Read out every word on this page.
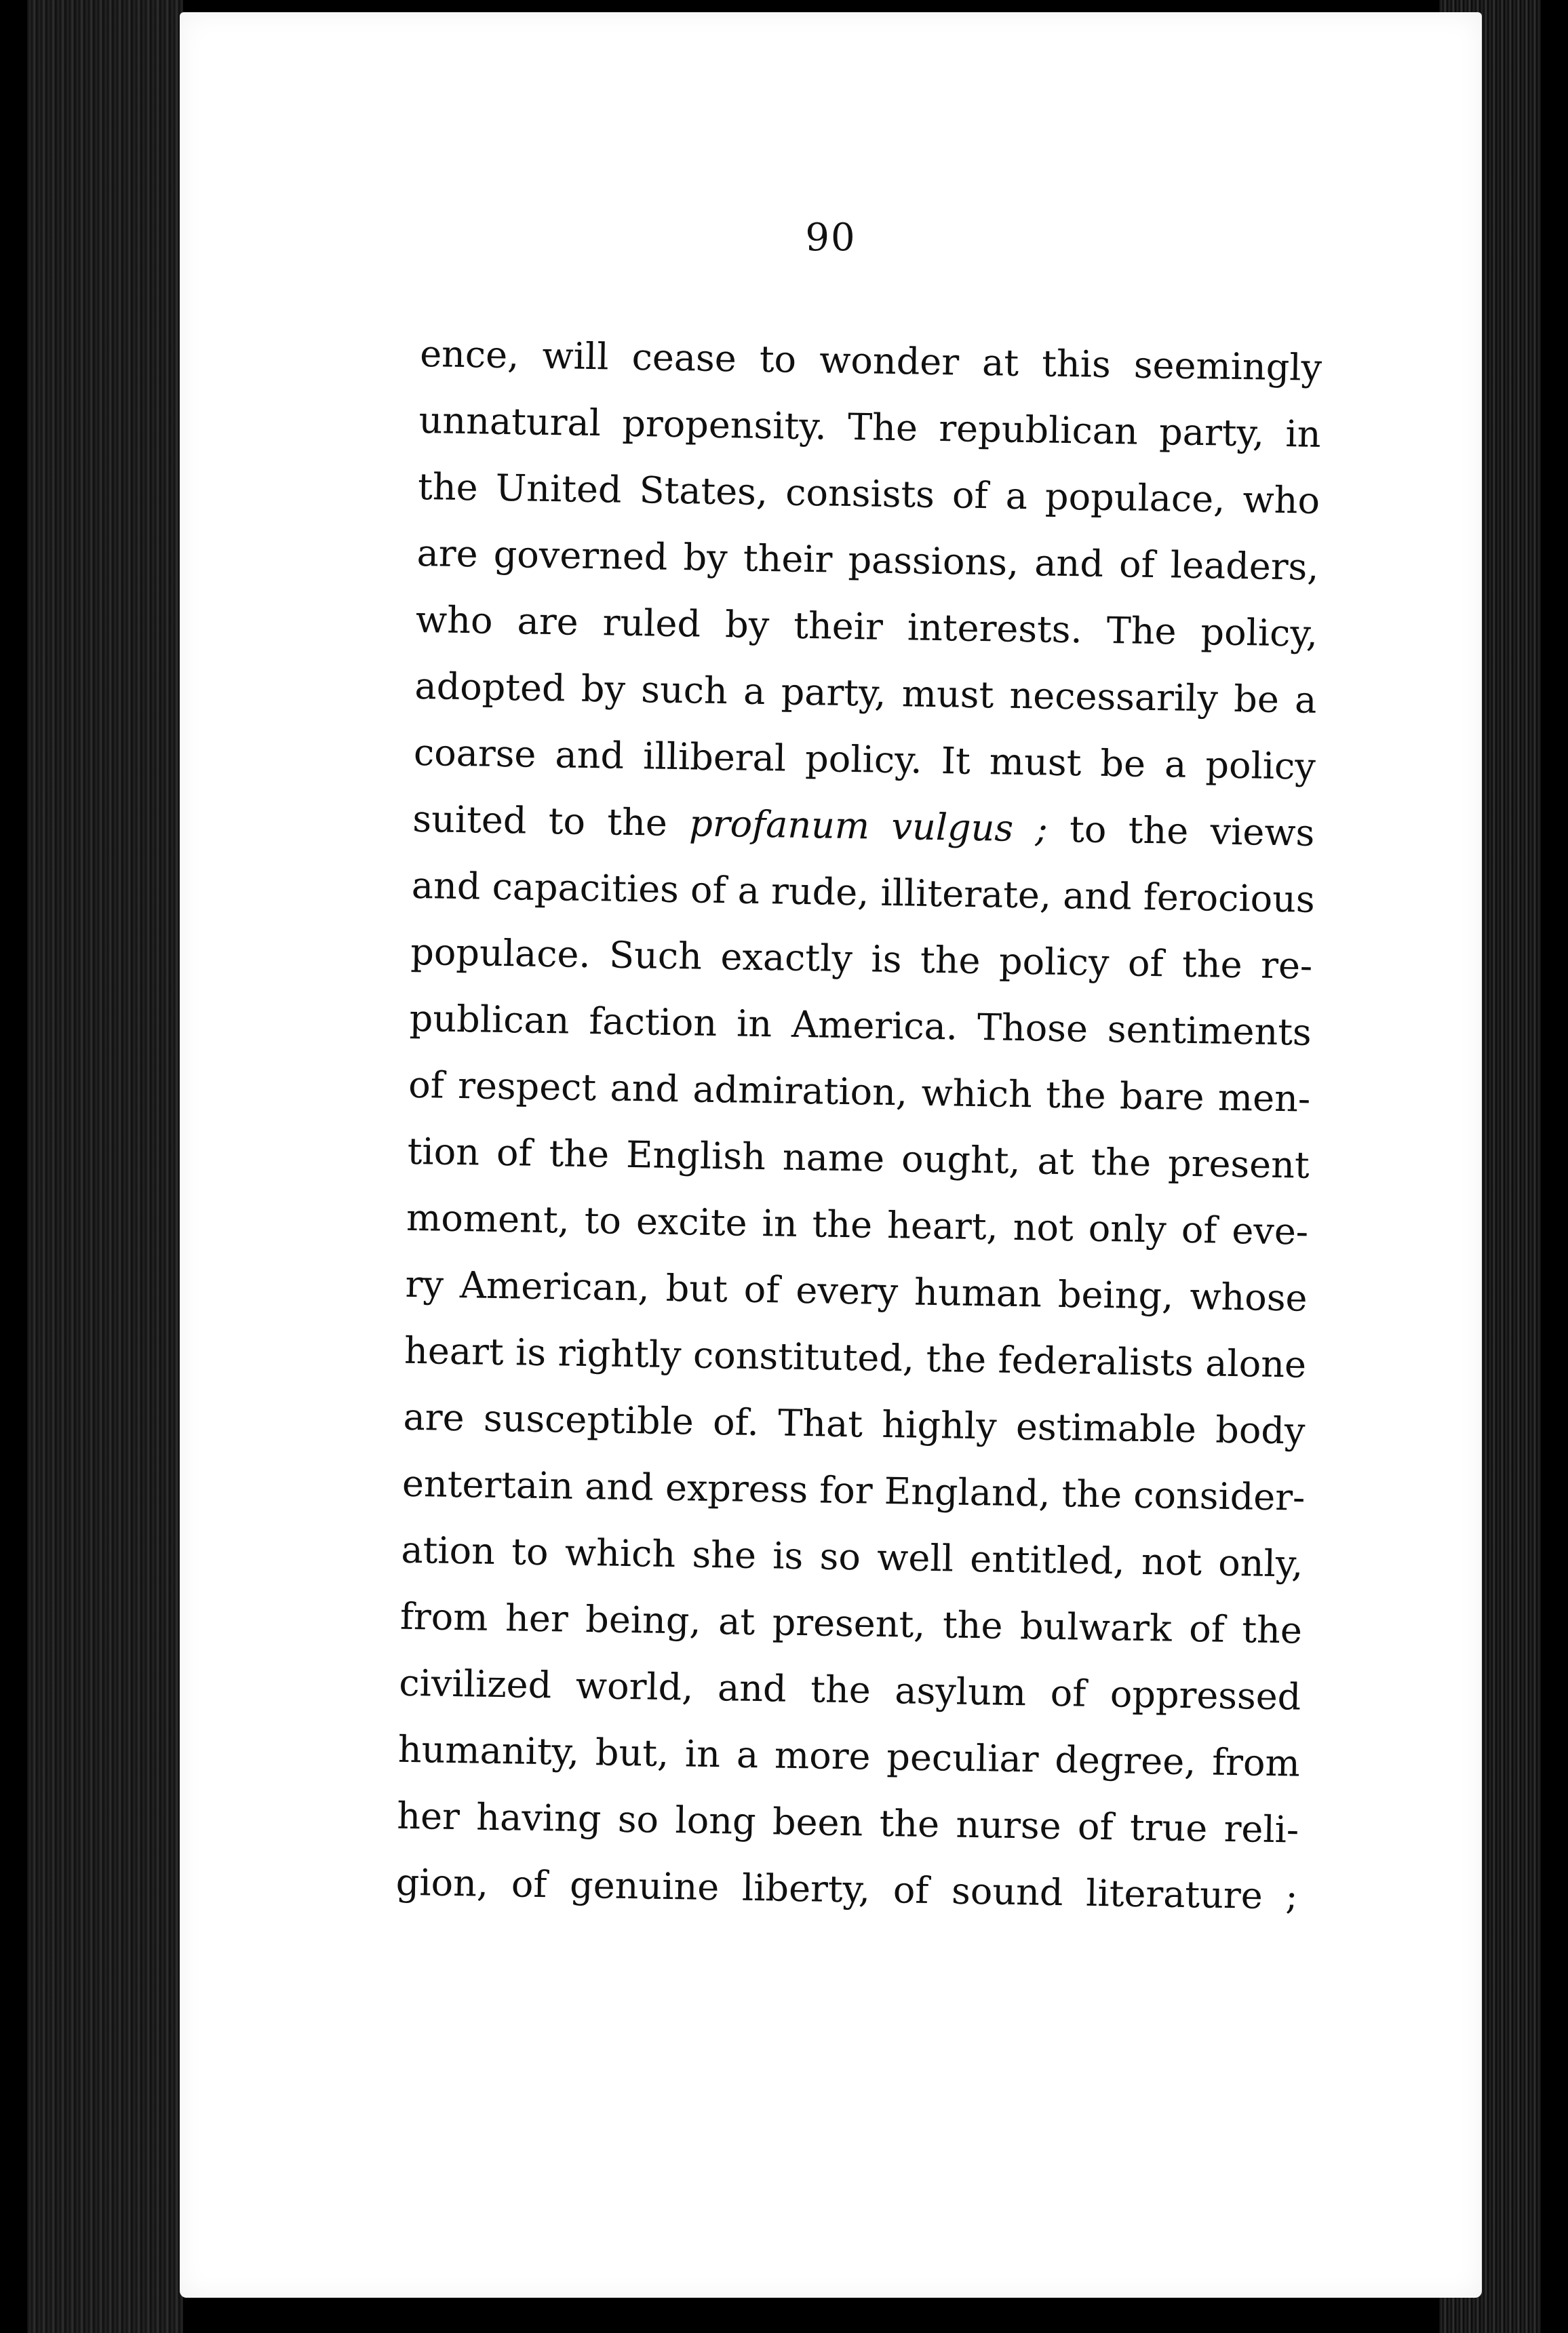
90
ence, will cease to wonder at this seemingly
unnatural propensity. The republican party, in
the United States, consists of a populace, who
are governed by their passions, and of leaders,
who are ruled by their interests. The policy,
adopted by such a party, must necessarily be a
coarse and illiberal policy. It must be a policy
suited to the profanum vulgus ; to the views
and capacities of a rude, illiterate, and ferocious
populace. Such exactly is the policy of the re-
publican faction in America. Those sentiments
of respect and admiration, which the bare men-
tion of the English name ought, at the present
moment, to excite in the heart, not only of eve-
ry American, but of every human being, whose
heart is rightly constituted, the federalists alone
are susceptible of. That highly estimable body
entertain and express for England, the consider-
ation to which she is so well entitled, not only,
from her being, at present, the bulwark of the
civilized world, and the asylum of oppressed
humanity, but, in a more peculiar degree, from
her having so long been the nurse of true reli-
gion, of genuine liberty, of sound literature ;
